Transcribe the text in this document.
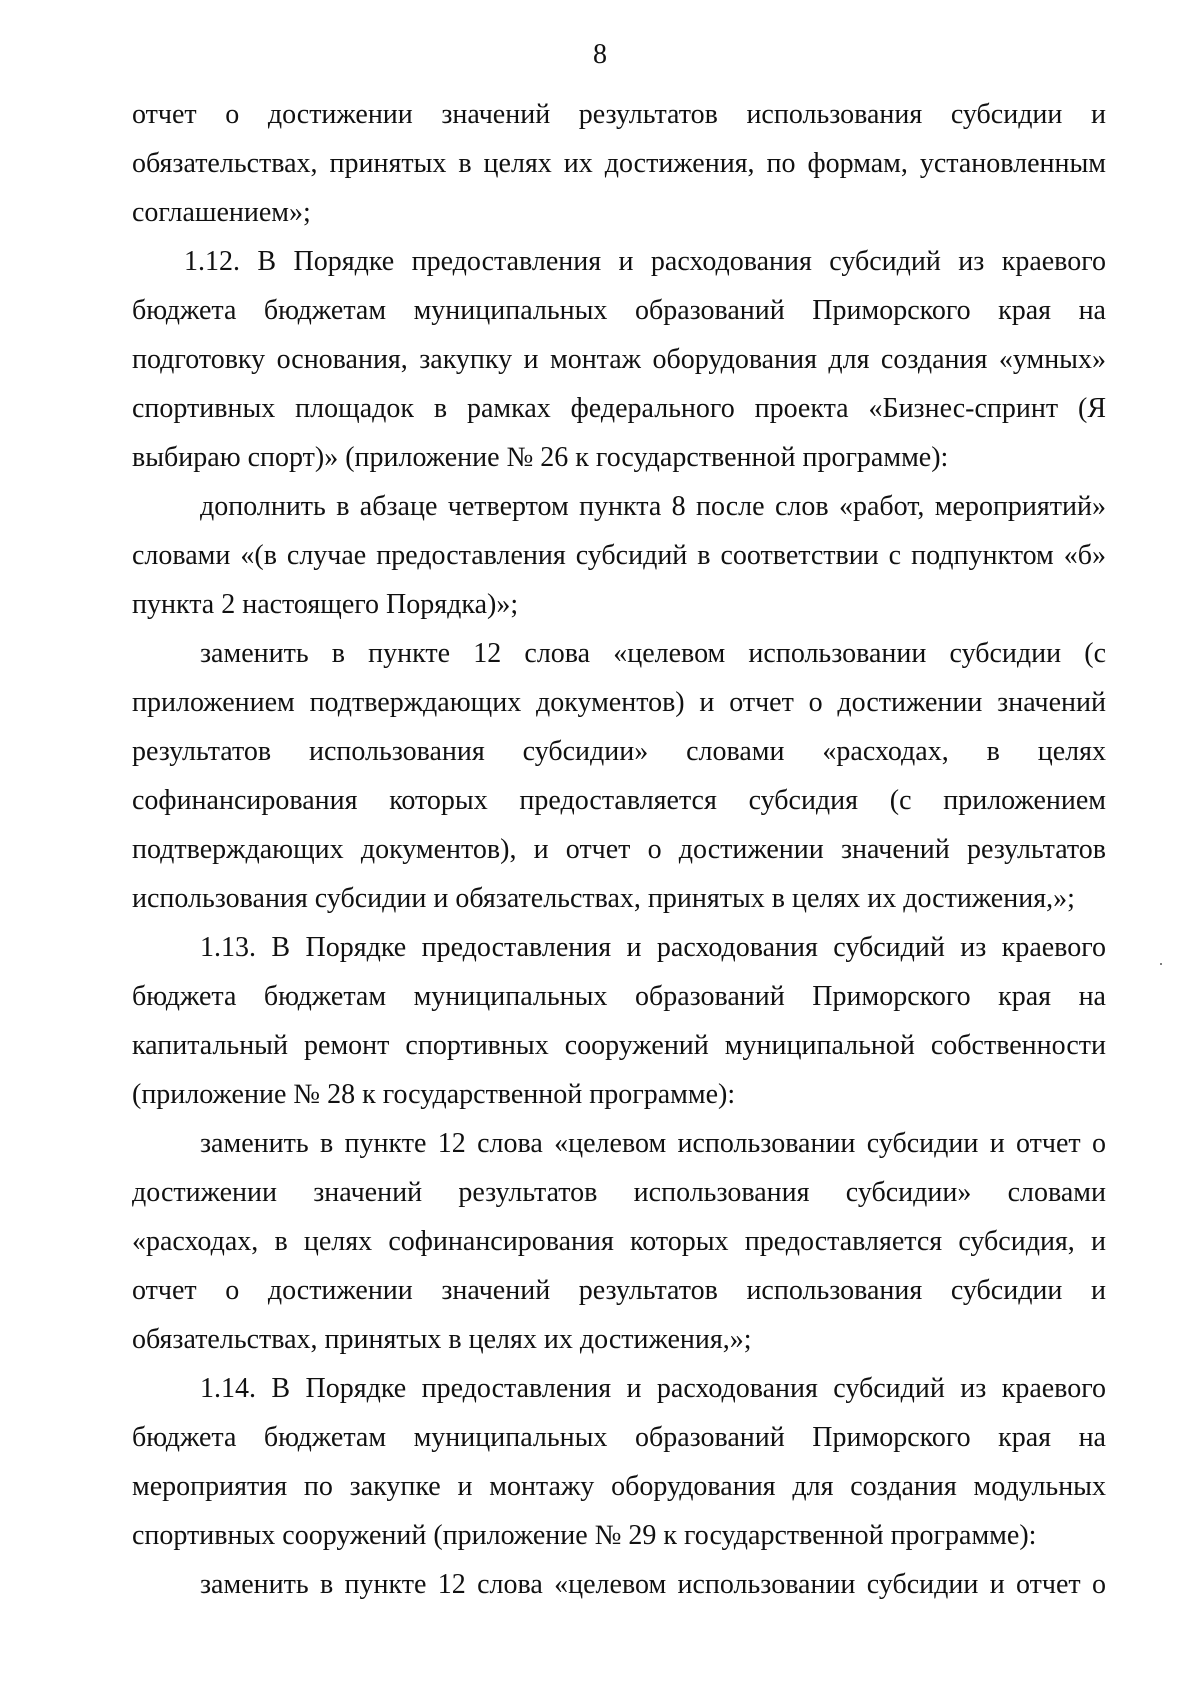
8

отчет о достижении значений результатов использования субсидии и
обязательствах, принятых в целях их достижения, по формам, установленным
соглашением»;

1.12. В Порядке предоставления и расходования субсидий из краевого
бюджета бюджетам муниципальных образований Приморского края на
подготовку основания, закупку и монтаж оборудования для создания «умных»
спортивных площадок в рамках федерального проекта «Бизнес-спринт (Я
выбираю спорт)» (приложение № 26 к государственной программе):

дополнить в абзаце четвертом пункта 8 после слов «работ, мероприятий»
словами «(в случае предоставления субсидий в соответствии с подпунктом «б»
пункта 2 настоящего Порядка)»;

заменить в пункте 12 слова «целевом использовании субсидии (с
приложением подтверждающих документов) и отчет о достижении значений
результатов использования субсидии» словами «расходах, в целях
софинансирования которых предоставляется субсидия (с приложением
подтверждающих документов), и отчет о достижении значений результатов
использования субсидии и обязательствах, принятых в целях их достижения,»;

1.13. В Порядке предоставления и расходования субсидий из краевого
бюджета бюджетам муниципальных образований Приморского края на
капитальный ремонт спортивных сооружений муниципальной собственности
(приложение № 28 к государственной программе):

заменить в пункте 12 слова «целевом использовании субсидии и отчет о
достижении значений результатов использования субсидии» словами
«расходах, в целях софинансирования которых предоставляется субсидия, и
отчет о достижении значений результатов использования субсидии и
обязательствах, принятых в целях их достижения,»;

1.14. В Порядке предоставления и расходования субсидий из краевого
бюджета бюджетам муниципальных образований Приморского края на
мероприятия по закупке и монтажу оборудования для создания модульных
спортивных сооружений (приложение № 29 к государственной программе):

заменить в пункте 12 слова «целевом использовании субсидии и отчет о
